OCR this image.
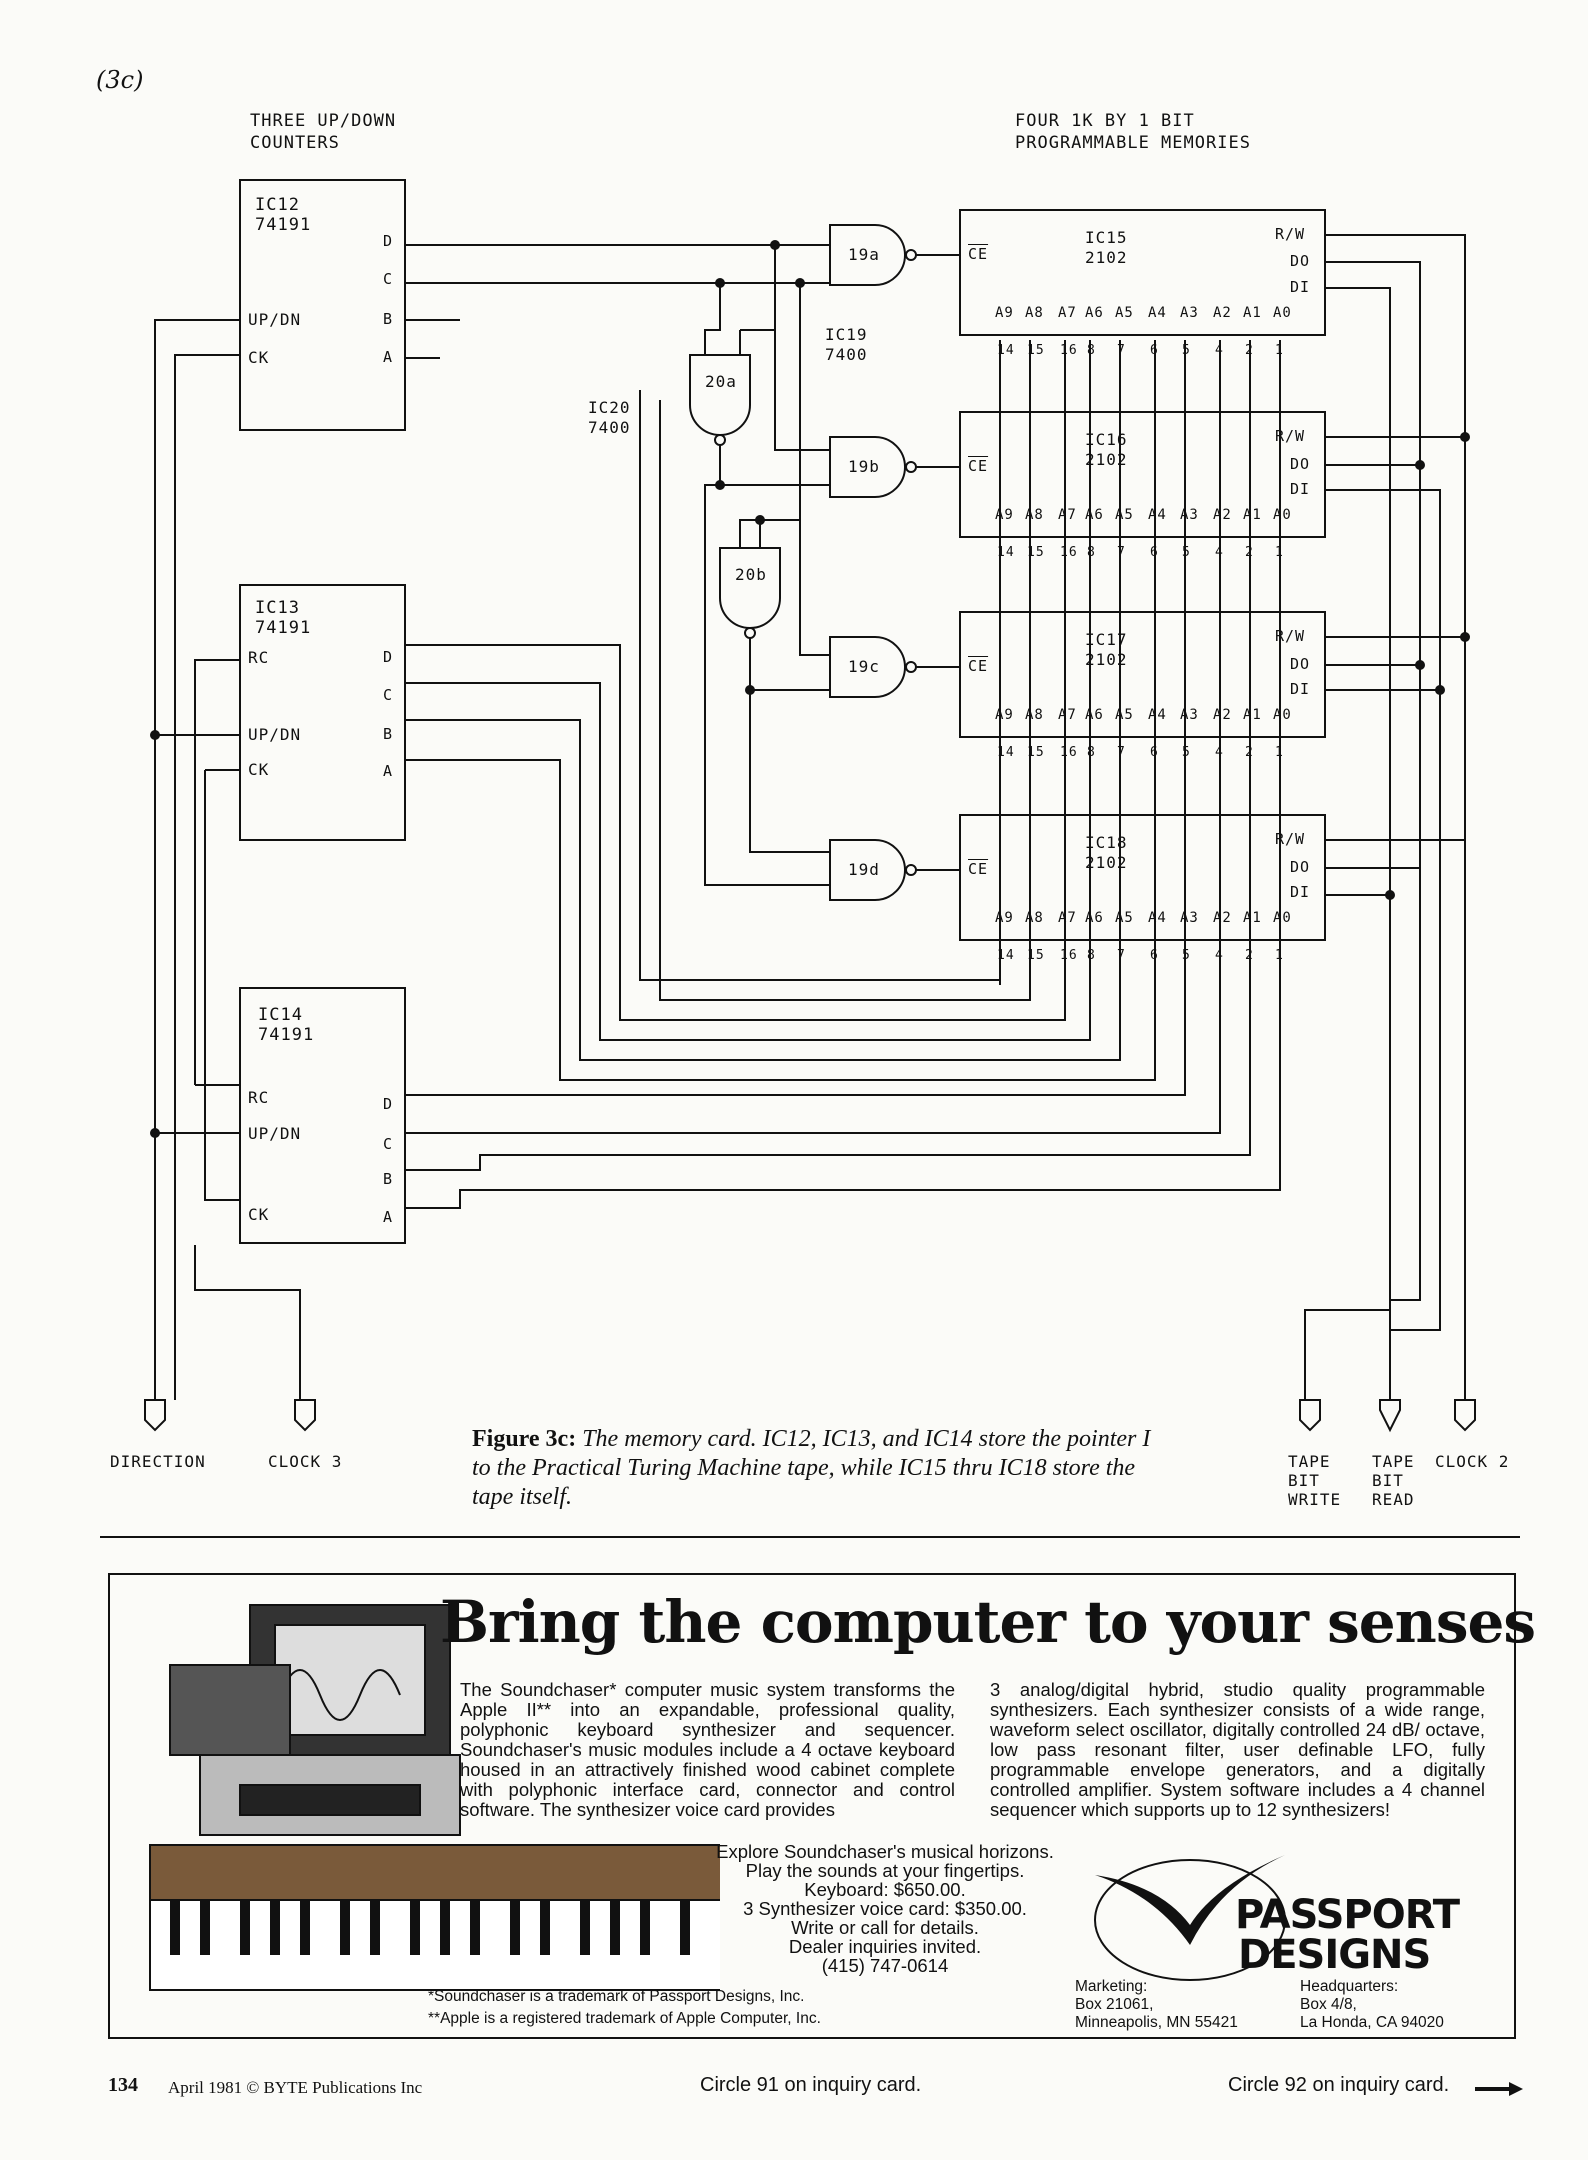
(3c)
THREE UP/DOWN
COUNTERS
FOUR 1K BY 1 BIT
PROGRAMMABLE MEMORIES
IC12
74191
IC13
74191
IC14
74191
UP/DN
CK
D
C
B
A
RC
UP/DN
CK
D
C
B
A
RC
UP/DN
CK
D
C
B
A
19a
19b
19c
19d
20a
20b
IC19
7400
IC20
7400
IC15
2102
IC16
2102
IC17
2102
IC18
2102
$\overline{CE}$
$\overline{CE}$
$\overline{CE}$
$\overline{CE}$
R/W
R/W
R/W
R/W
DO
DI
DO
DI
DO
DI
DO
DI
A9
14
A8
15
A7
16
A6
8
A5
7
A4
6
A3
5
A2
4
A1
2
A0
1
A9
14
A8
15
A7
16
A6
8
A5
7
A4
6
A3
5
A2
4
A1
2
A0
1
A9
14
A8
15
A7
16
A6
8
A5
7
A4
6
A3
5
A2
4
A1
2
A0
1
A9
14
A8
15
A7
16
A6
8
A5
7
A4
6
A3
5
A2
4
A1
2
A0
1
DIRECTION	CLOCK 3	TAPE
BIT
WRITE
TAPE
BIT
READ
CLOCK 2
Figure 3c: The memory card. IC12, IC13, and IC14 store the pointer I to the Practical Turing Machine tape, while IC15 thru IC18 store the tape itself.
Bring the computer to your senses
The Soundchaser* computer music system transforms the Apple II** into an expandable, professional quality, polyphonic keyboard synthesizer and sequencer. Soundchaser's music modules include a 4 octave keyboard housed in an attractively finished wood cabinet complete with polyphonic interface card, connector and control software. The synthesizer voice card provides
3 analog/digital hybrid, studio quality programmable synthesizers. Each synthesizer consists of a wide range, waveform select oscillator, digitally controlled 24 dB/ octave, low pass resonant filter, user definable LFO, fully programmable envelope generators, and a digitally controlled amplifier. System software includes a 4 channel sequencer which supports up to 12 synthesizers!
Explore Soundchaser's musical horizons.
Play the sounds at your fingertips.
Keyboard: $650.00.
3 Synthesizer voice card: $350.00.
Write or call for details.
Dealer inquiries invited.
(415) 747-0614
*Soundchaser is a trademark of Passport Designs, Inc.
**Apple is a registered trademark of Apple Computer, Inc.
PASSPORT
DESIGNS
Marketing:
Box 21061,
Minneapolis, MN 55421
Headquarters:
Box 4/8,
La Honda, CA 94020
134 April 1981 © BYTE Publications Inc	Circle 91 on inquiry card.	Circle 92 on inquiry card.
